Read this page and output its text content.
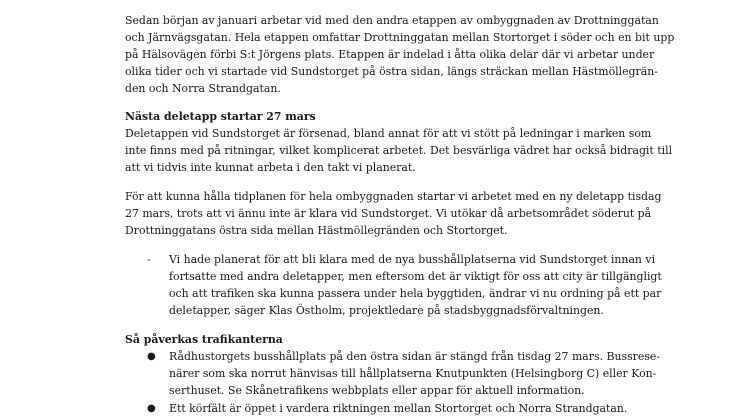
Sedan början av januari arbetar vid med den andra etappen av ombyggnaden av Drottninggatan
och Järnvägsgatan. Hela etappen omfattar Drottninggatan mellan Stortorget i söder och en bit upp
på Hälsovägen förbi S:t Jörgens plats. Etappen är indelad i åtta olika delar där vi arbetar under
olika tider och vi startade vid Sundstorget på östra sidan, längs sträckan mellan Hästmöllegrän-
den och Norra Strandgatan.

Nästa deletapp startar 27 mars

Deletappen vid Sundstorget är försenad, bland annat för att vi stött på ledningar i marken som
inte finns med på ritningar, vilket komplicerat arbetet. Det besvärliga vädret har också bidragit till
att vi tidvis inte kunnat arbeta i den takt vi planerat.

För att kunna hålla tidplanen för hela ombyggnaden startar vi arbetet med en ny deletapp tisdag
27 mars, trots att vi ännu inte är klara vid Sundstorget. Vi utökar då arbetsområdet söderut på
Drottninggatans östra sida mellan Hästmöllegränden och Stortorget.

- Vi hade planerat för att bli klara med de nya busshållplatserna vid Sundstorget innan vi
fortsatte med andra deletapper, men eftersom det är viktigt för oss att city är tillgängligt
och att trafiken ska kunna passera under hela byggtiden, ändrar vi nu ordning på ett par
deletapper, säger Klas Östholm, projektledare på stadsbyggnadsförvaltningen.

Så påverkas trafikanterna

● Rådhustorgets busshållplats på den östra sidan är stängd från tisdag 27 mars. Bussrese-
närer som ska norrut hänvisas till hållplatserna Knutpunkten (Helsingborg C) eller Kon-
serthuset. Se Skånetrafikens webbplats eller appar för aktuell information.
● Ett körfält är öppet i vardera riktningen mellan Stortorget och Norra Strandgatan.
